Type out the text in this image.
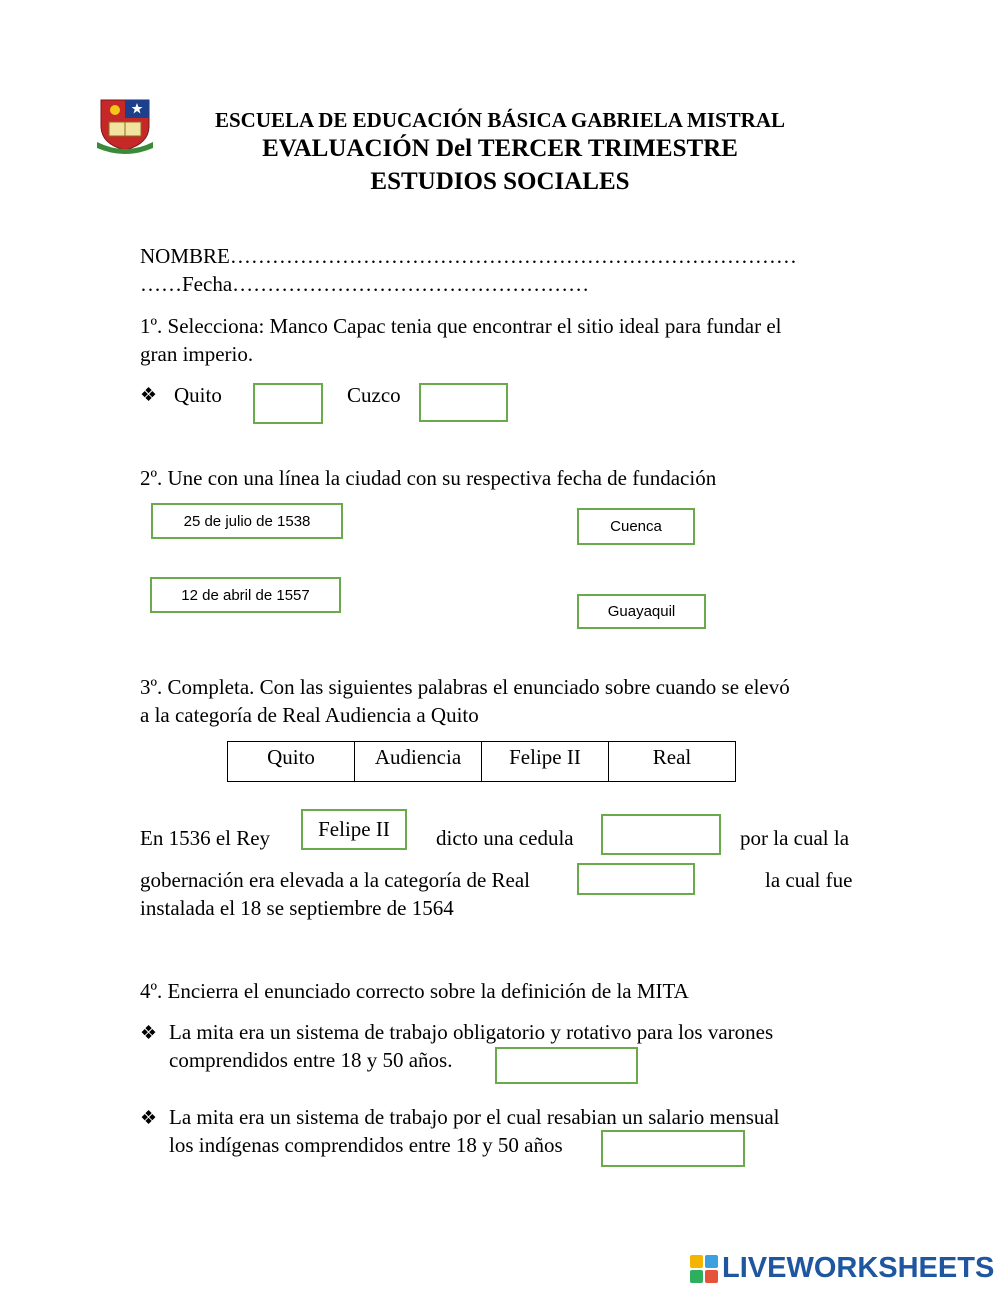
ESCUELA DE EDUCACIÓN BÁSICA GABRIELA MISTRAL
EVALUACIÓN Del TERCER TRIMESTRE
ESTUDIOS SOCIALES
NOMBRE………………………………………………………………………
……Fecha……………………………………………
1º. Selecciona: Manco Capac tenia que encontrar el sitio ideal para fundar el
gran imperio.
❖ Quito	Cuzco
2º. Une con una línea la ciudad con su respectiva fecha de fundación
25 de julio de 1538	Cuenca
12 de abril de 1557
Guayaquil
3º. Completa. Con las siguientes palabras el enunciado sobre cuando se elevó
a la categoría de Real Audiencia a Quito
Quito	Audiencia	Felipe II	Real
En 1536 el Rey	Felipe II	dicto una cedula	por la cual la
gobernación era elevada a la categoría de Real	la cual fue
instalada el 18 se septiembre de 1564
4º. Encierra el enunciado correcto sobre la definición de la MITA
❖ La mita era un sistema de trabajo obligatorio y rotativo para los varones
comprendidos entre 18 y 50 años.
❖ La mita era un sistema de trabajo por el cual resabian un salario mensual
los indígenas comprendidos entre 18 y 50 años
LIVEWORKSHEETS
